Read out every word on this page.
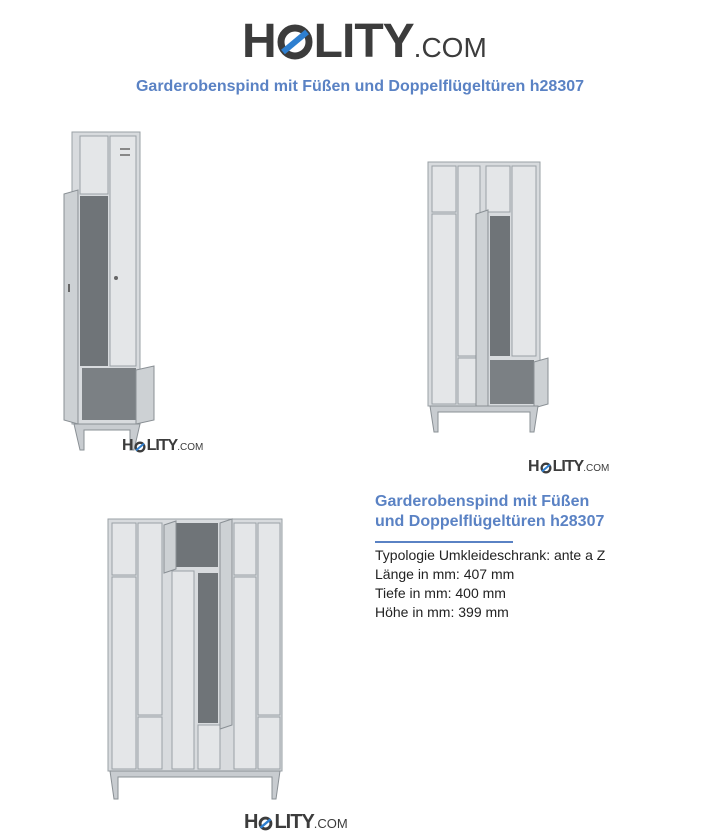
H LITY .COM
Garderobenspind mit Füßen und Doppelflügeltüren h28307
H LITY .COM
H LITY .COM
H LITY .COM
Garderobenspind mit Füßen
und Doppelflügeltüren h28307
Typologie Umkleideschrank: ante a Z
Länge in mm: 407 mm
Tiefe in mm: 400 mm
Höhe in mm: 399 mm
